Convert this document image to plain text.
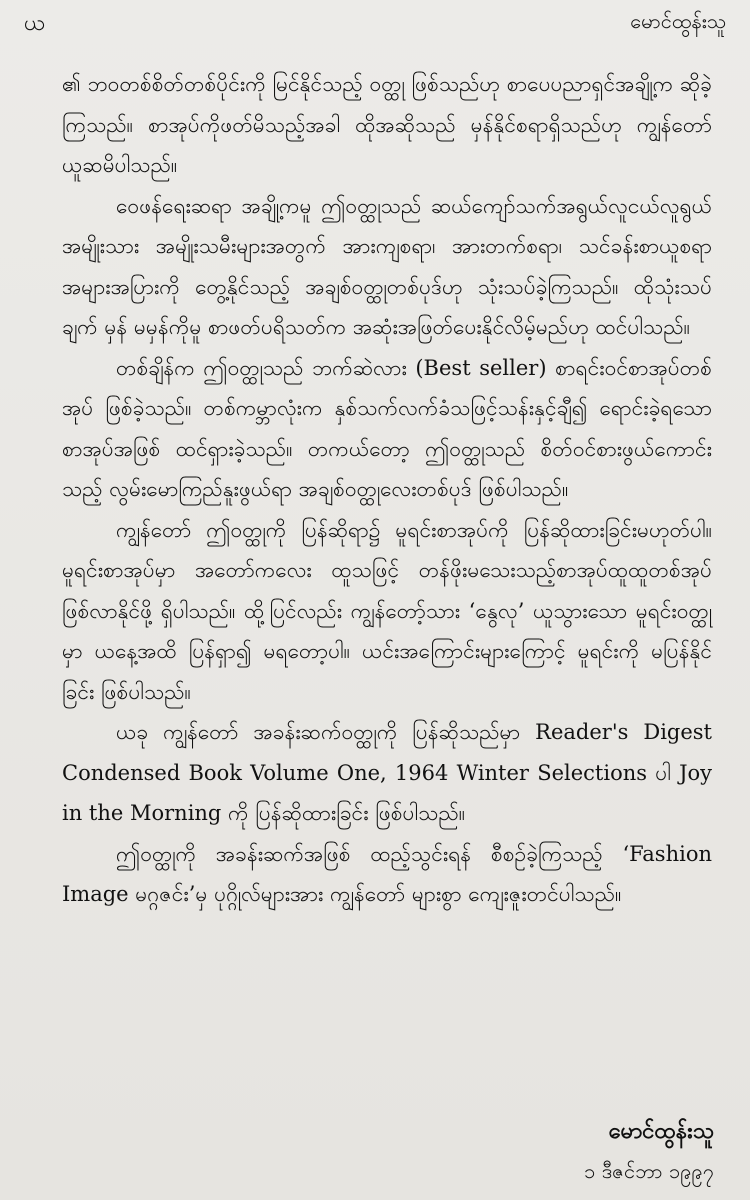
ယ	မောင်ထွန်းသူ

၏ ဘဝတစ်စိတ်တစ်ပိုင်းကို မြင်နိုင်သည့် ဝတ္ထု ဖြစ်သည်ဟု စာပေပညာရှင်အချို့က ဆိုခဲ့ကြသည်။ စာအုပ်ကိုဖတ်မိသည့်အခါ ထိုအဆိုသည် မှန်နိုင်စရာရှိသည်ဟု ကျွန်တော် ယူဆမိပါသည်။

ဝေဖန်ရေးဆရာ အချို့ကမူ ဤဝတ္ထုသည် ဆယ်ကျော်သက်အရွယ်လူငယ်လူရွယ် အမျိုးသား အမျိုးသမီးများအတွက် အားကျစရာ၊ အားတက်စရာ၊ သင်ခန်းစာယူစရာအများအပြားကို တွေ့နိုင်သည့် အချစ်ဝတ္ထုတစ်ပုဒ်ဟု သုံးသပ်ခဲ့ကြသည်။ ထိုသုံးသပ်ချက် မှန် မမှန်ကိုမူ စာဖတ်ပရိသတ်က အဆုံးအဖြတ်ပေးနိုင်လိမ့်မည်ဟု ထင်ပါသည်။

တစ်ချိန်က ဤဝတ္ထုသည် ဘက်ဆဲလား (Best seller) စာရင်းဝင်စာအုပ်တစ်အုပ် ဖြစ်ခဲ့သည်။ တစ်ကမ္ဘာလုံးက နှစ်သက်လက်ခံသဖြင့်သန်းနှင့်ချီ၍ ရောင်းခဲ့ရသော စာအုပ်အဖြစ် ထင်ရှားခဲ့သည်။ တကယ်တော့ ဤဝတ္ထုသည် စိတ်ဝင်စားဖွယ်ကောင်းသည့် လွမ်းမောကြည်နူးဖွယ်ရာ အချစ်ဝတ္ထုလေးတစ်ပုဒ် ဖြစ်ပါသည်။

ကျွန်တော် ဤဝတ္ထုကို ပြန်ဆိုရာ၌ မူရင်းစာအုပ်ကို ပြန်ဆိုထားခြင်းမဟုတ်ပါ။ မူရင်းစာအုပ်မှာ အတော်ကလေး ထူသဖြင့် တန်ဖိုးမသေးသည့်စာအုပ်ထူထူတစ်အုပ် ဖြစ်လာနိုင်ဖို့ ရှိပါသည်။ ထို့ပြင်လည်း ကျွန်တော့်သား ‘နွေလု’ ယူသွားသော မူရင်းဝတ္ထုမှာ ယနေ့အထိ ပြန်ရှာ၍ မရတော့ပါ။ ယင်းအကြောင်းများကြောင့် မူရင်းကို မပြန်နိုင်ခြင်း ဖြစ်ပါသည်။

ယခု ကျွန်တော် အခန်းဆက်ဝတ္ထုကို ပြန်ဆိုသည်မှာ Reader's Digest Condensed Book Volume One, 1964 Winter Selections ပါ Joy in the Morning ကို ပြန်ဆိုထားခြင်း ဖြစ်ပါသည်။

ဤဝတ္ထုကို အခန်းဆက်အဖြစ် ထည့်သွင်းရန် စီစဉ်ခဲ့ကြသည့် ‘Fashion Image မဂ္ဂဇင်း’မှ ပုဂ္ဂိုလ်များအား ကျွန်တော် များစွာ ကျေးဇူးတင်ပါသည်။

မောင်ထွန်းသူ
၁ ဒီဇင်ဘာ ၁၉၉၇
